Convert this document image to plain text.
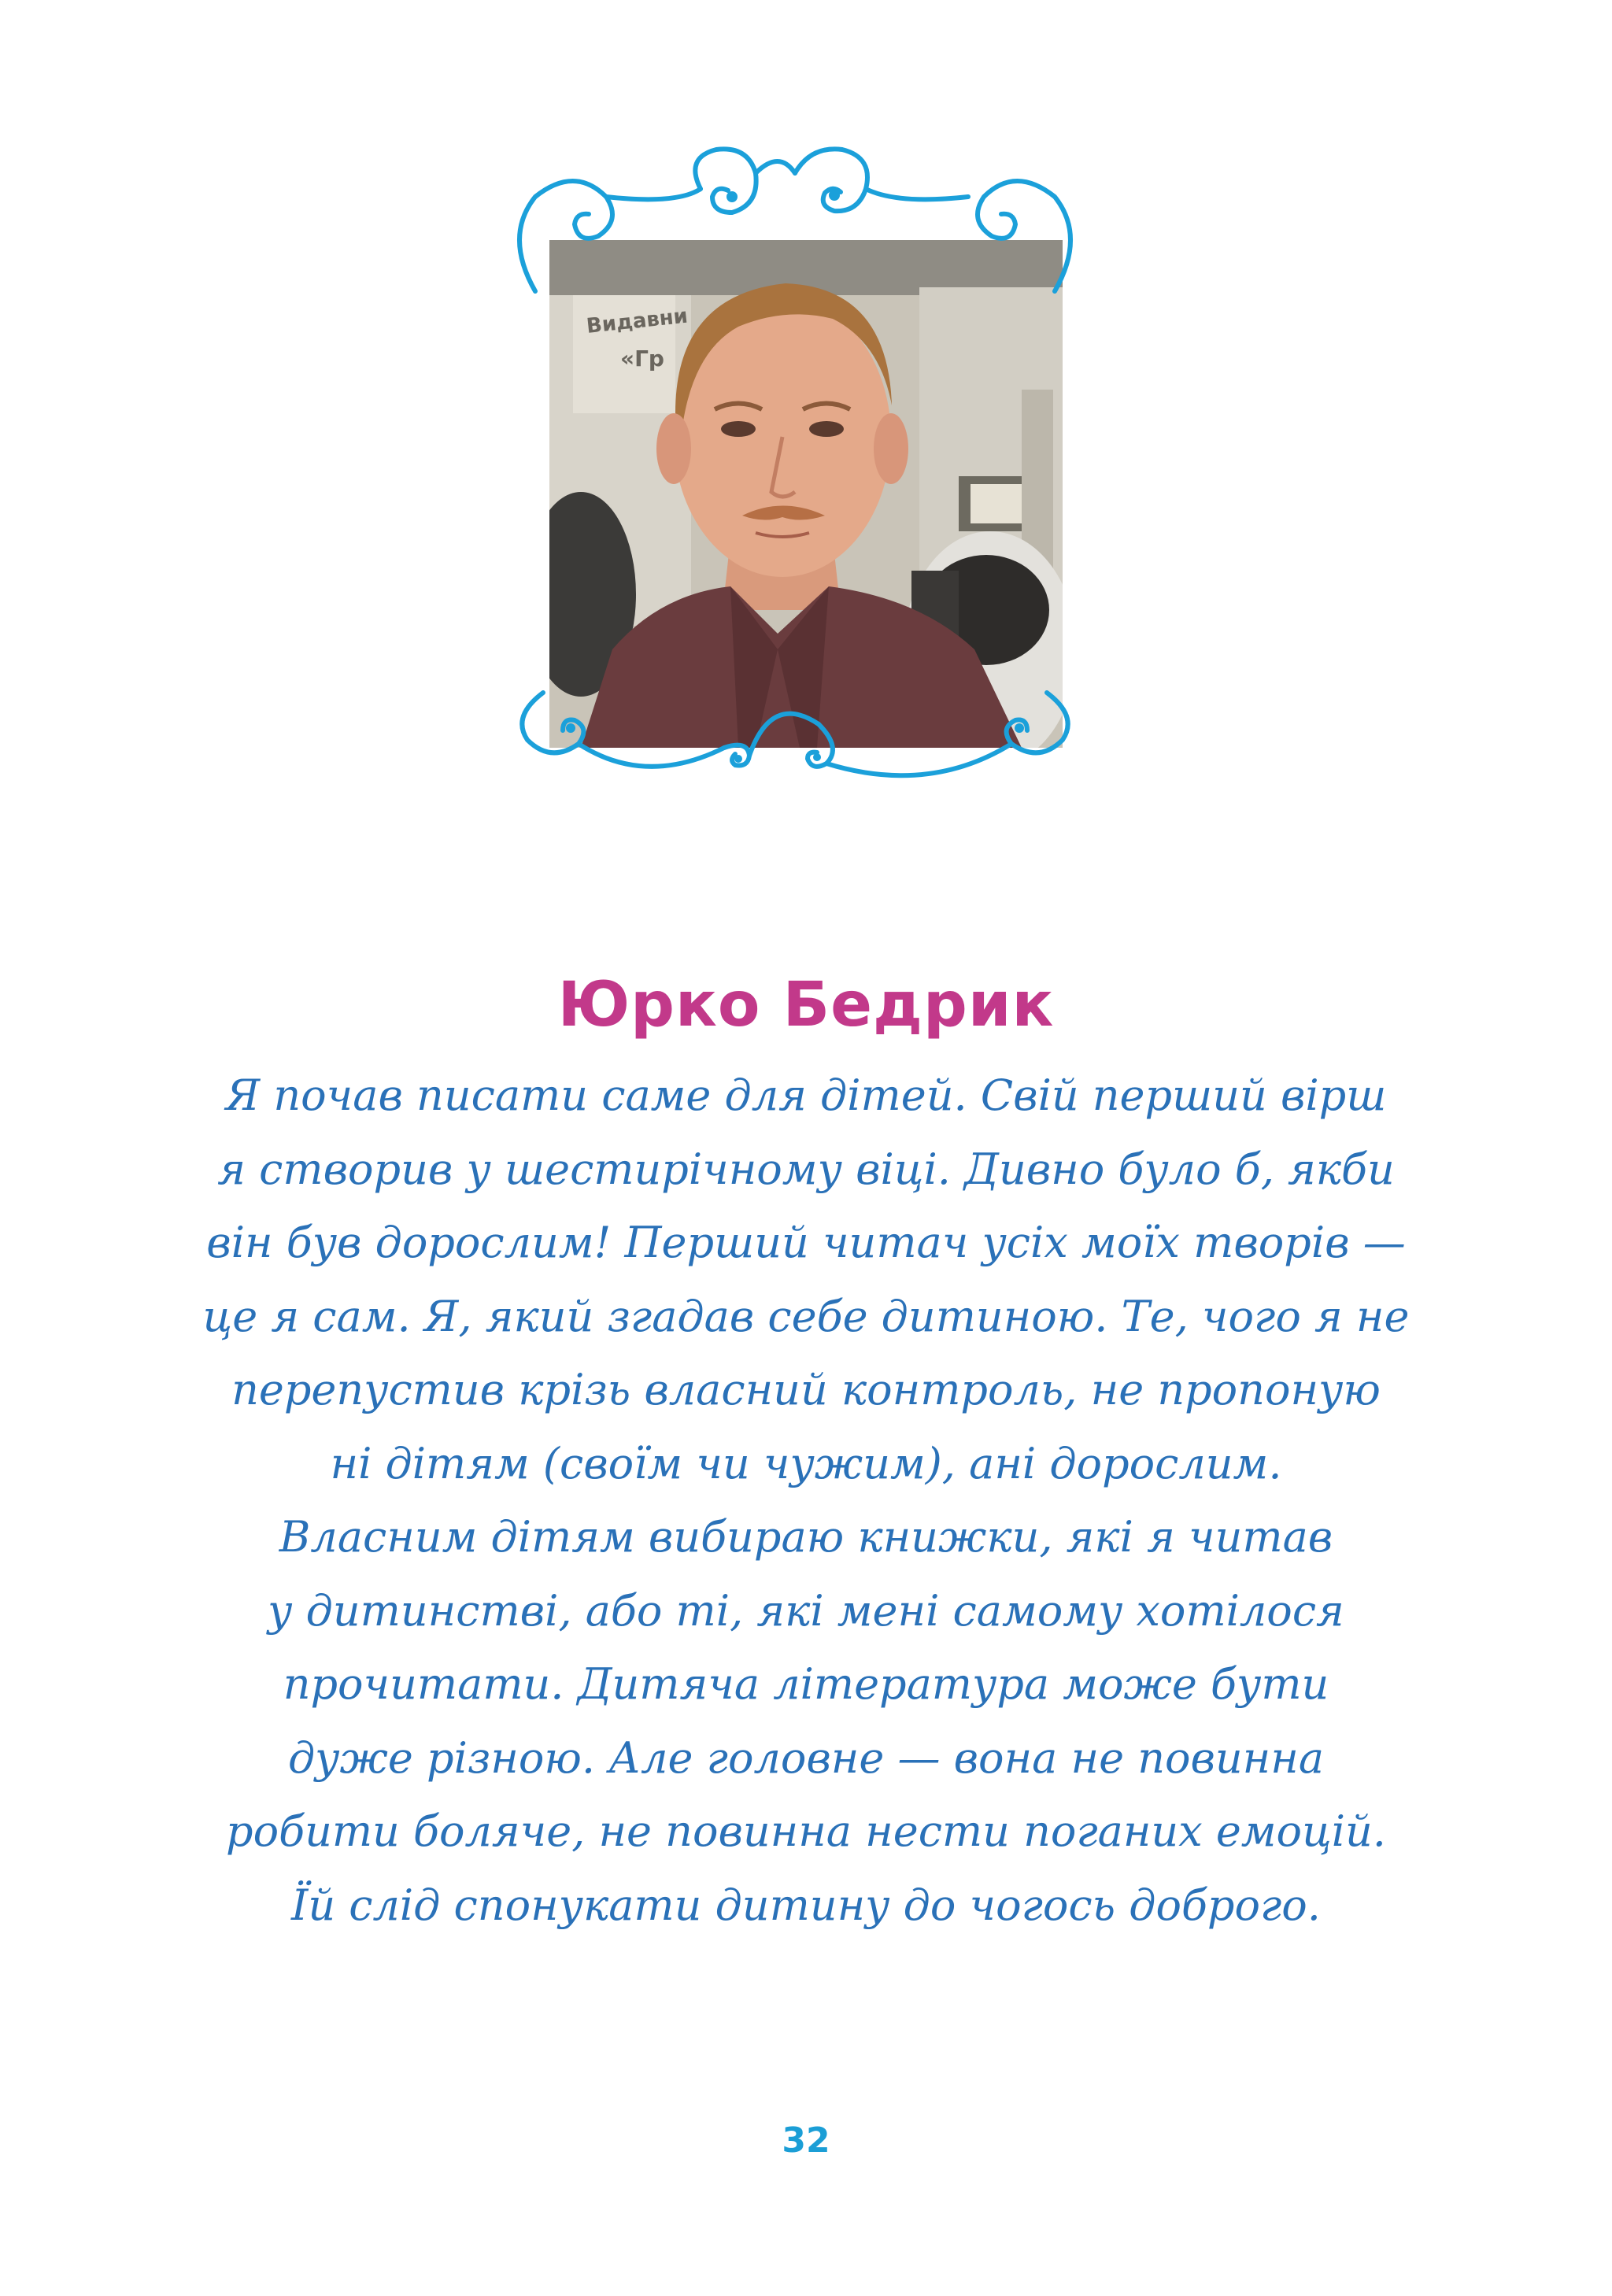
Видавни
«Гр
Юрко Бедрик
Я почав писати саме для дітей. Свій перший вірш
я створив у шестирічному віці. Дивно було б, якби
він був дорослим! Перший читач усіх моїх творів —
це я сам. Я, який згадав себе дитиною. Те, чого я не
перепустив крізь власний контроль, не пропоную
ні дітям (своїм чи чужим), ані дорослим.
Власним дітям вибираю книжки, які я читав
у дитинстві, або ті, які мені самому хотілося
прочитати. Дитяча література може бути
дуже різною. Але головне — вона не повинна
робити боляче, не повинна нести поганих емоцій.
Їй слід спонукати дитину до чогось доброго.
32
